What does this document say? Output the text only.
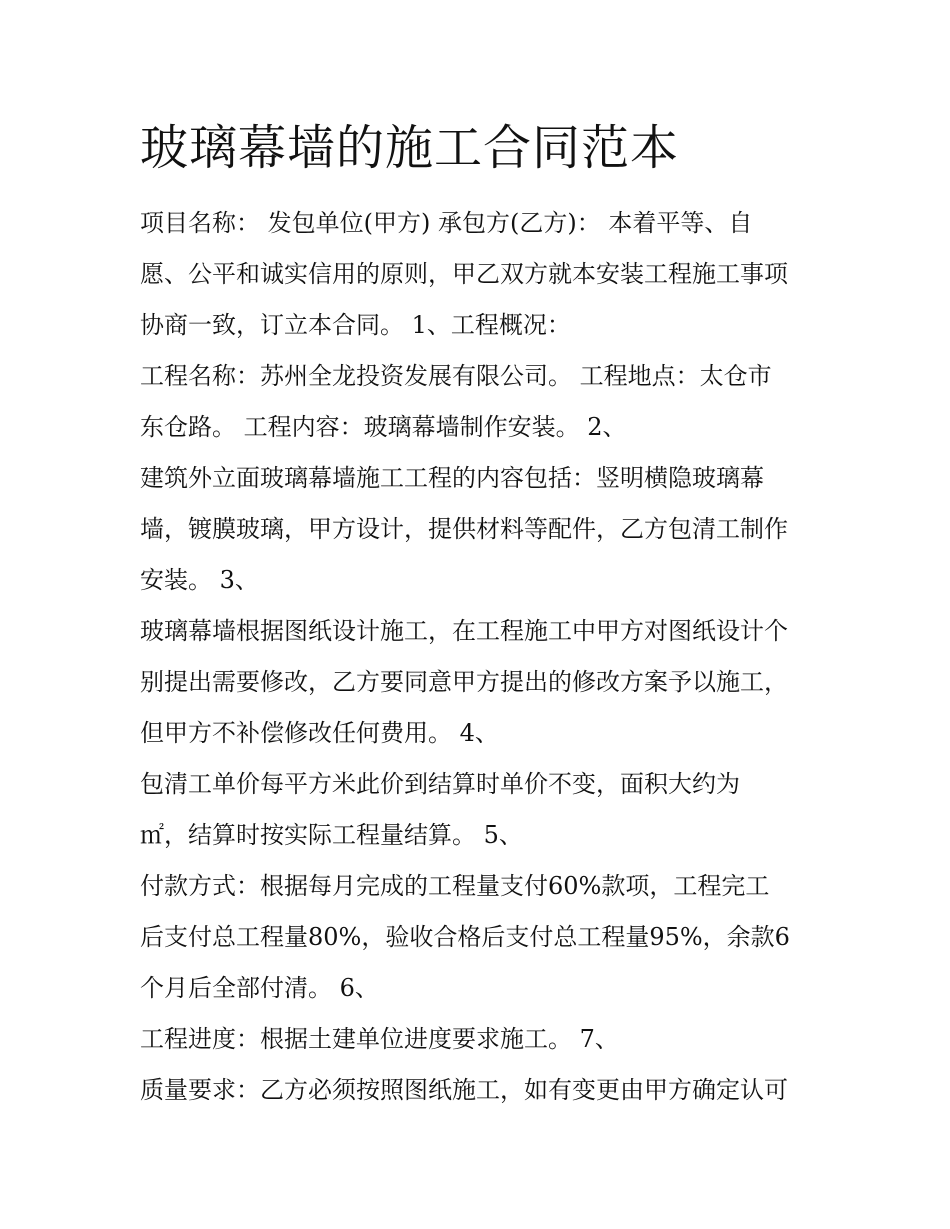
玻璃幕墙的施工合同范本
项目名称： 发包单位(甲方) 承包方(乙方)： 本着平等、自
愿、公平和诚实信用的原则，甲乙双方就本安装工程施工事项
协商一致，订立本合同。 1、工程概况：
工程名称：苏州全龙投资发展有限公司。 工程地点：太仓市
东仓路。 工程内容：玻璃幕墙制作安装。 2、
建筑外立面玻璃幕墙施工工程的内容包括：竖明横隐玻璃幕
墙，镀膜玻璃，甲方设计，提供材料等配件，乙方包清工制作
安装。 3、
玻璃幕墙根据图纸设计施工，在工程施工中甲方对图纸设计个
别提出需要修改，乙方要同意甲方提出的修改方案予以施工，
但甲方不补偿修改任何费用。 4、
包清工单价每平方米此价到结算时单价不变，面积大约为
㎡，结算时按实际工程量结算。 5、
付款方式：根据每月完成的工程量支付60%款项，工程完工
后支付总工程量80%，验收合格后支付总工程量95%，余款6
个月后全部付清。 6、
工程进度：根据土建单位进度要求施工。 7、
质量要求：乙方必须按照图纸施工，如有变更由甲方确定认可
